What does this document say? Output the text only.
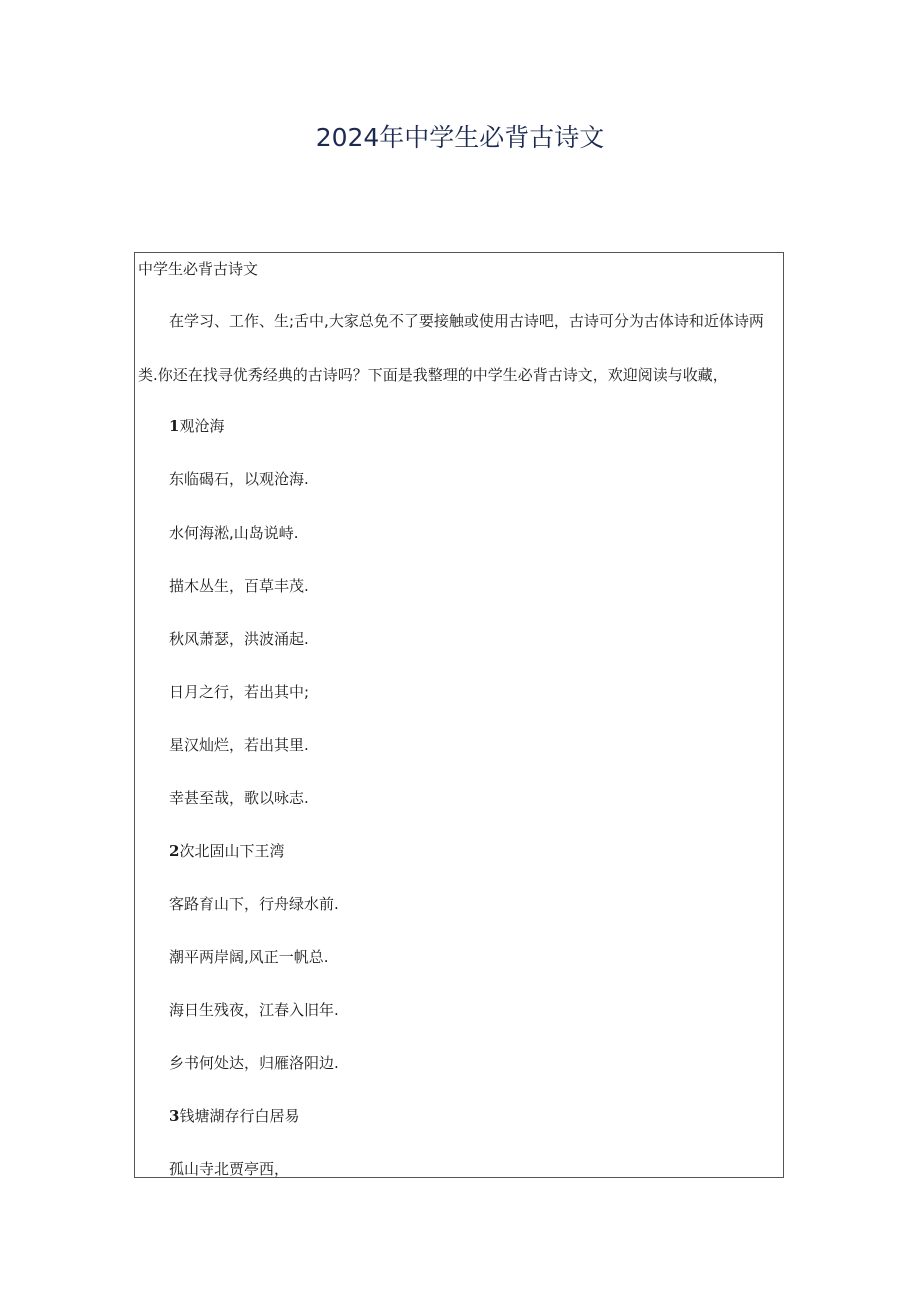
2024年中学生必背古诗文
中学生必背古诗文
在学习、工作、生;舌中,大家总免不了要接触或使用古诗吧，古诗可分为古体诗和近体诗两
类.你还在找寻优秀经典的古诗吗？下面是我整理的中学生必背古诗文，欢迎阅读与收藏，
1观沧海
东临碣石，以观沧海.
水何海淞,山岛说峙.
描木丛生，百草丰茂.
秋风萧瑟，洪波涌起.
日月之行，若出其中;
星汉灿烂，若出其里.
幸甚至哉，歌以咏志.
2次北固山下王湾
客路育山下，行舟绿水前.
潮平两岸阔,风正一帆总.
海日生残夜，江春入旧年.
乡书何处达，归雁洛阳边.
3钱塘湖存行白居易
孤山寺北贾亭西，
